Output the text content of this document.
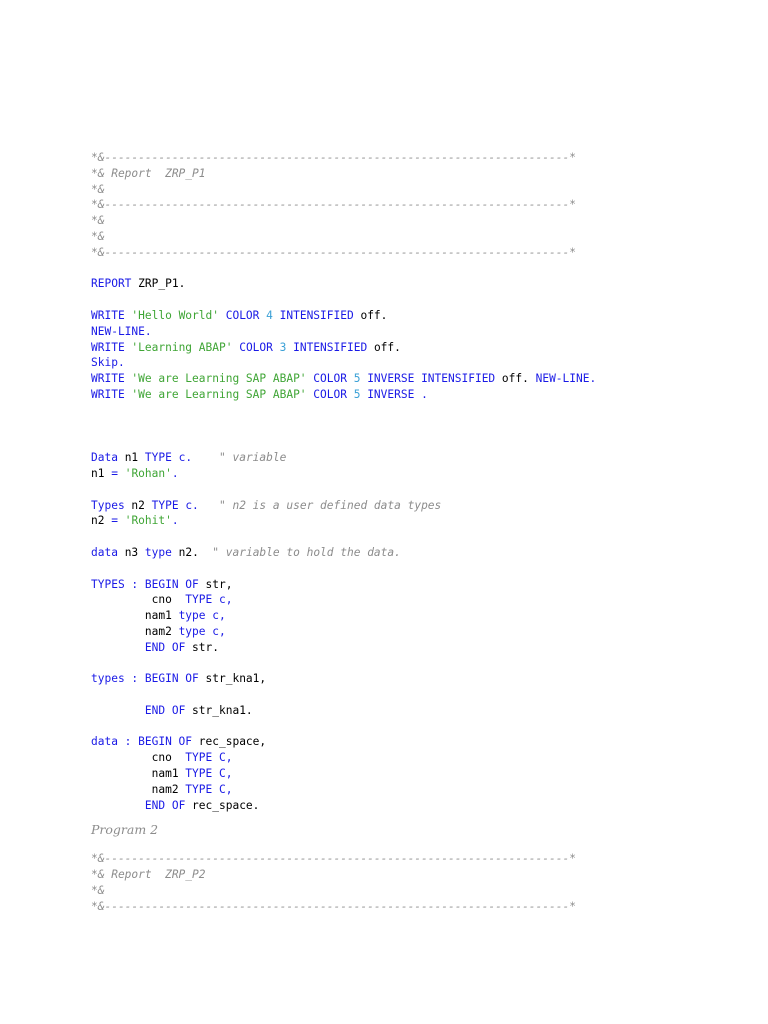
*&---------------------------------------------------------------------*
*& Report  ZRP_P1
*&
*&---------------------------------------------------------------------*
*&
*&
*&---------------------------------------------------------------------*
REPORT ZRP_P1.
WRITE 'Hello World' COLOR 4 INTENSIFIED off.
NEW-LINE.
WRITE 'Learning ABAP' COLOR 3 INTENSIFIED off.
Skip.
WRITE 'We are Learning SAP ABAP' COLOR 5 INVERSE INTENSIFIED off. NEW-LINE.
WRITE 'We are Learning SAP ABAP' COLOR 5 INVERSE .
Data n1 TYPE c.    " variable
n1 = 'Rohan'.
Types n2 TYPE c.   " n2 is a user defined data types
n2 = 'Rohit'.
data n3 type n2.  " variable to hold the data.
TYPES : BEGIN OF str,
cno  TYPE c,
nam1 type c,
nam2 type c,
END OF str.
types : BEGIN OF str_kna1,
END OF str_kna1.
data : BEGIN OF rec_space,
cno  TYPE C,
nam1 TYPE C,
nam2 TYPE C,
END OF rec_space.
Program 2
*&---------------------------------------------------------------------*
*& Report  ZRP_P2
*&
*&---------------------------------------------------------------------*
